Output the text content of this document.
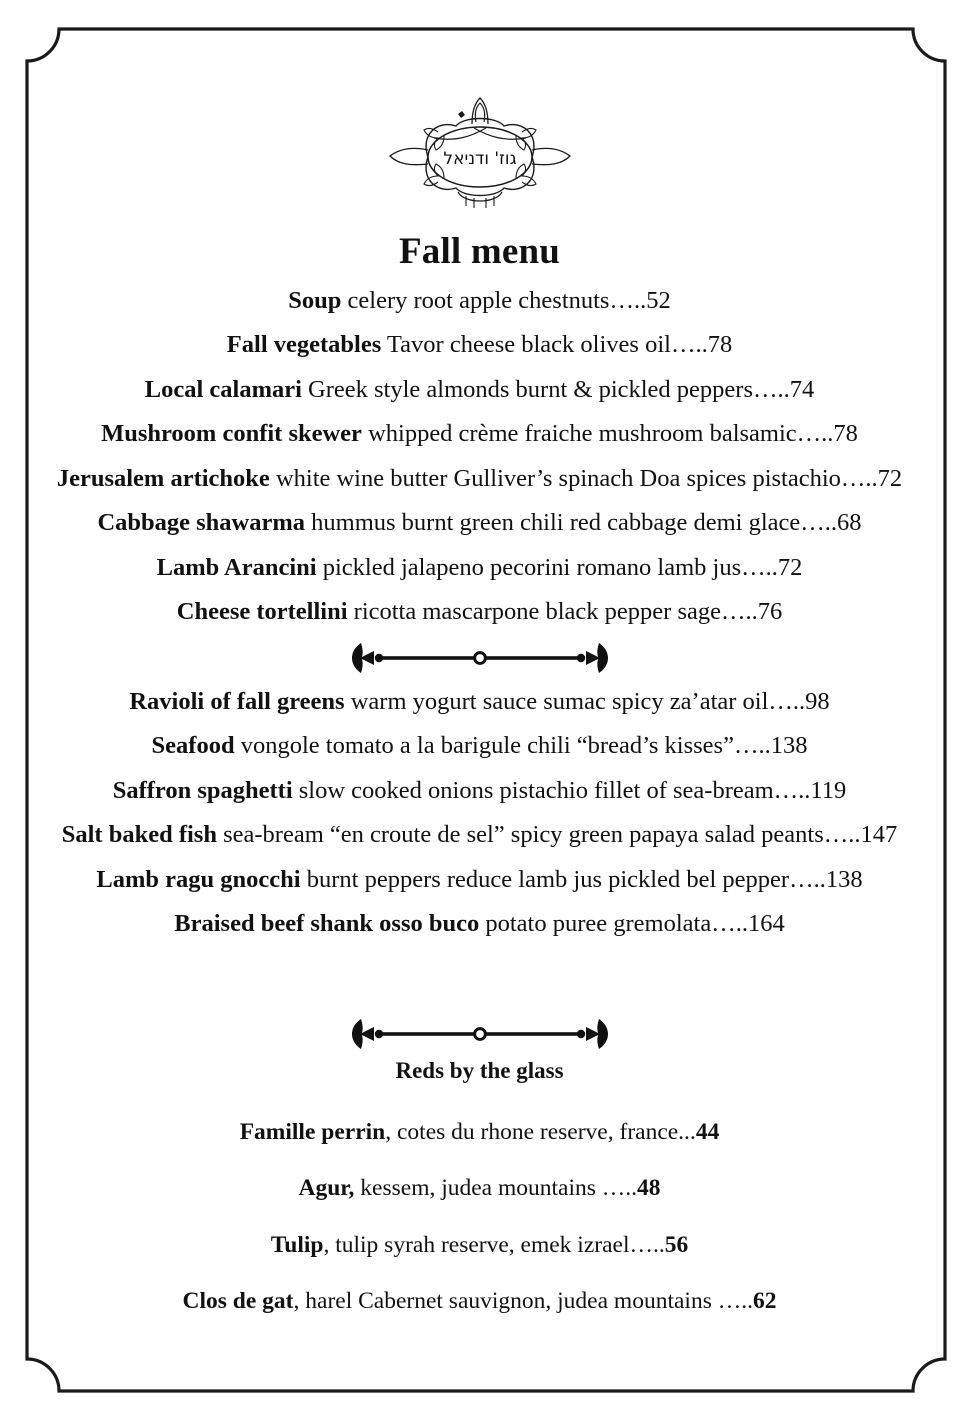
גוז' ודניאל
Fall menu
Soup celery root apple chestnuts…..52
Fall vegetables Tavor cheese black olives oil…..78
Local calamari Greek style almonds burnt & pickled peppers…..74
Mushroom confit skewer whipped crème fraiche mushroom balsamic…..78
Jerusalem artichoke white wine butter Gulliver’s spinach Doa spices pistachio…..72
Cabbage shawarma hummus burnt green chili red cabbage demi glace…..68
Lamb Arancini pickled jalapeno pecorini romano lamb jus…..72
Cheese tortellini ricotta mascarpone black pepper sage…..76
Ravioli of fall greens warm yogurt sauce sumac spicy za’atar oil…..98
Seafood vongole tomato a la barigule chili “bread’s kisses”…..138
Saffron spaghetti slow cooked onions pistachio fillet of sea-bream…..119
Salt baked fish sea-bream “en croute de sel” spicy green papaya salad peants…..147
Lamb ragu gnocchi burnt peppers reduce lamb jus pickled bel pepper…..138
Braised beef shank osso buco potato puree gremolata…..164
Reds by the glass
Famille perrin, cotes du rhone reserve, france...44
Agur, kessem, judea mountains …..48
Tulip, tulip syrah reserve, emek izrael…..56
Clos de gat, harel Cabernet sauvignon, judea mountains …..62
